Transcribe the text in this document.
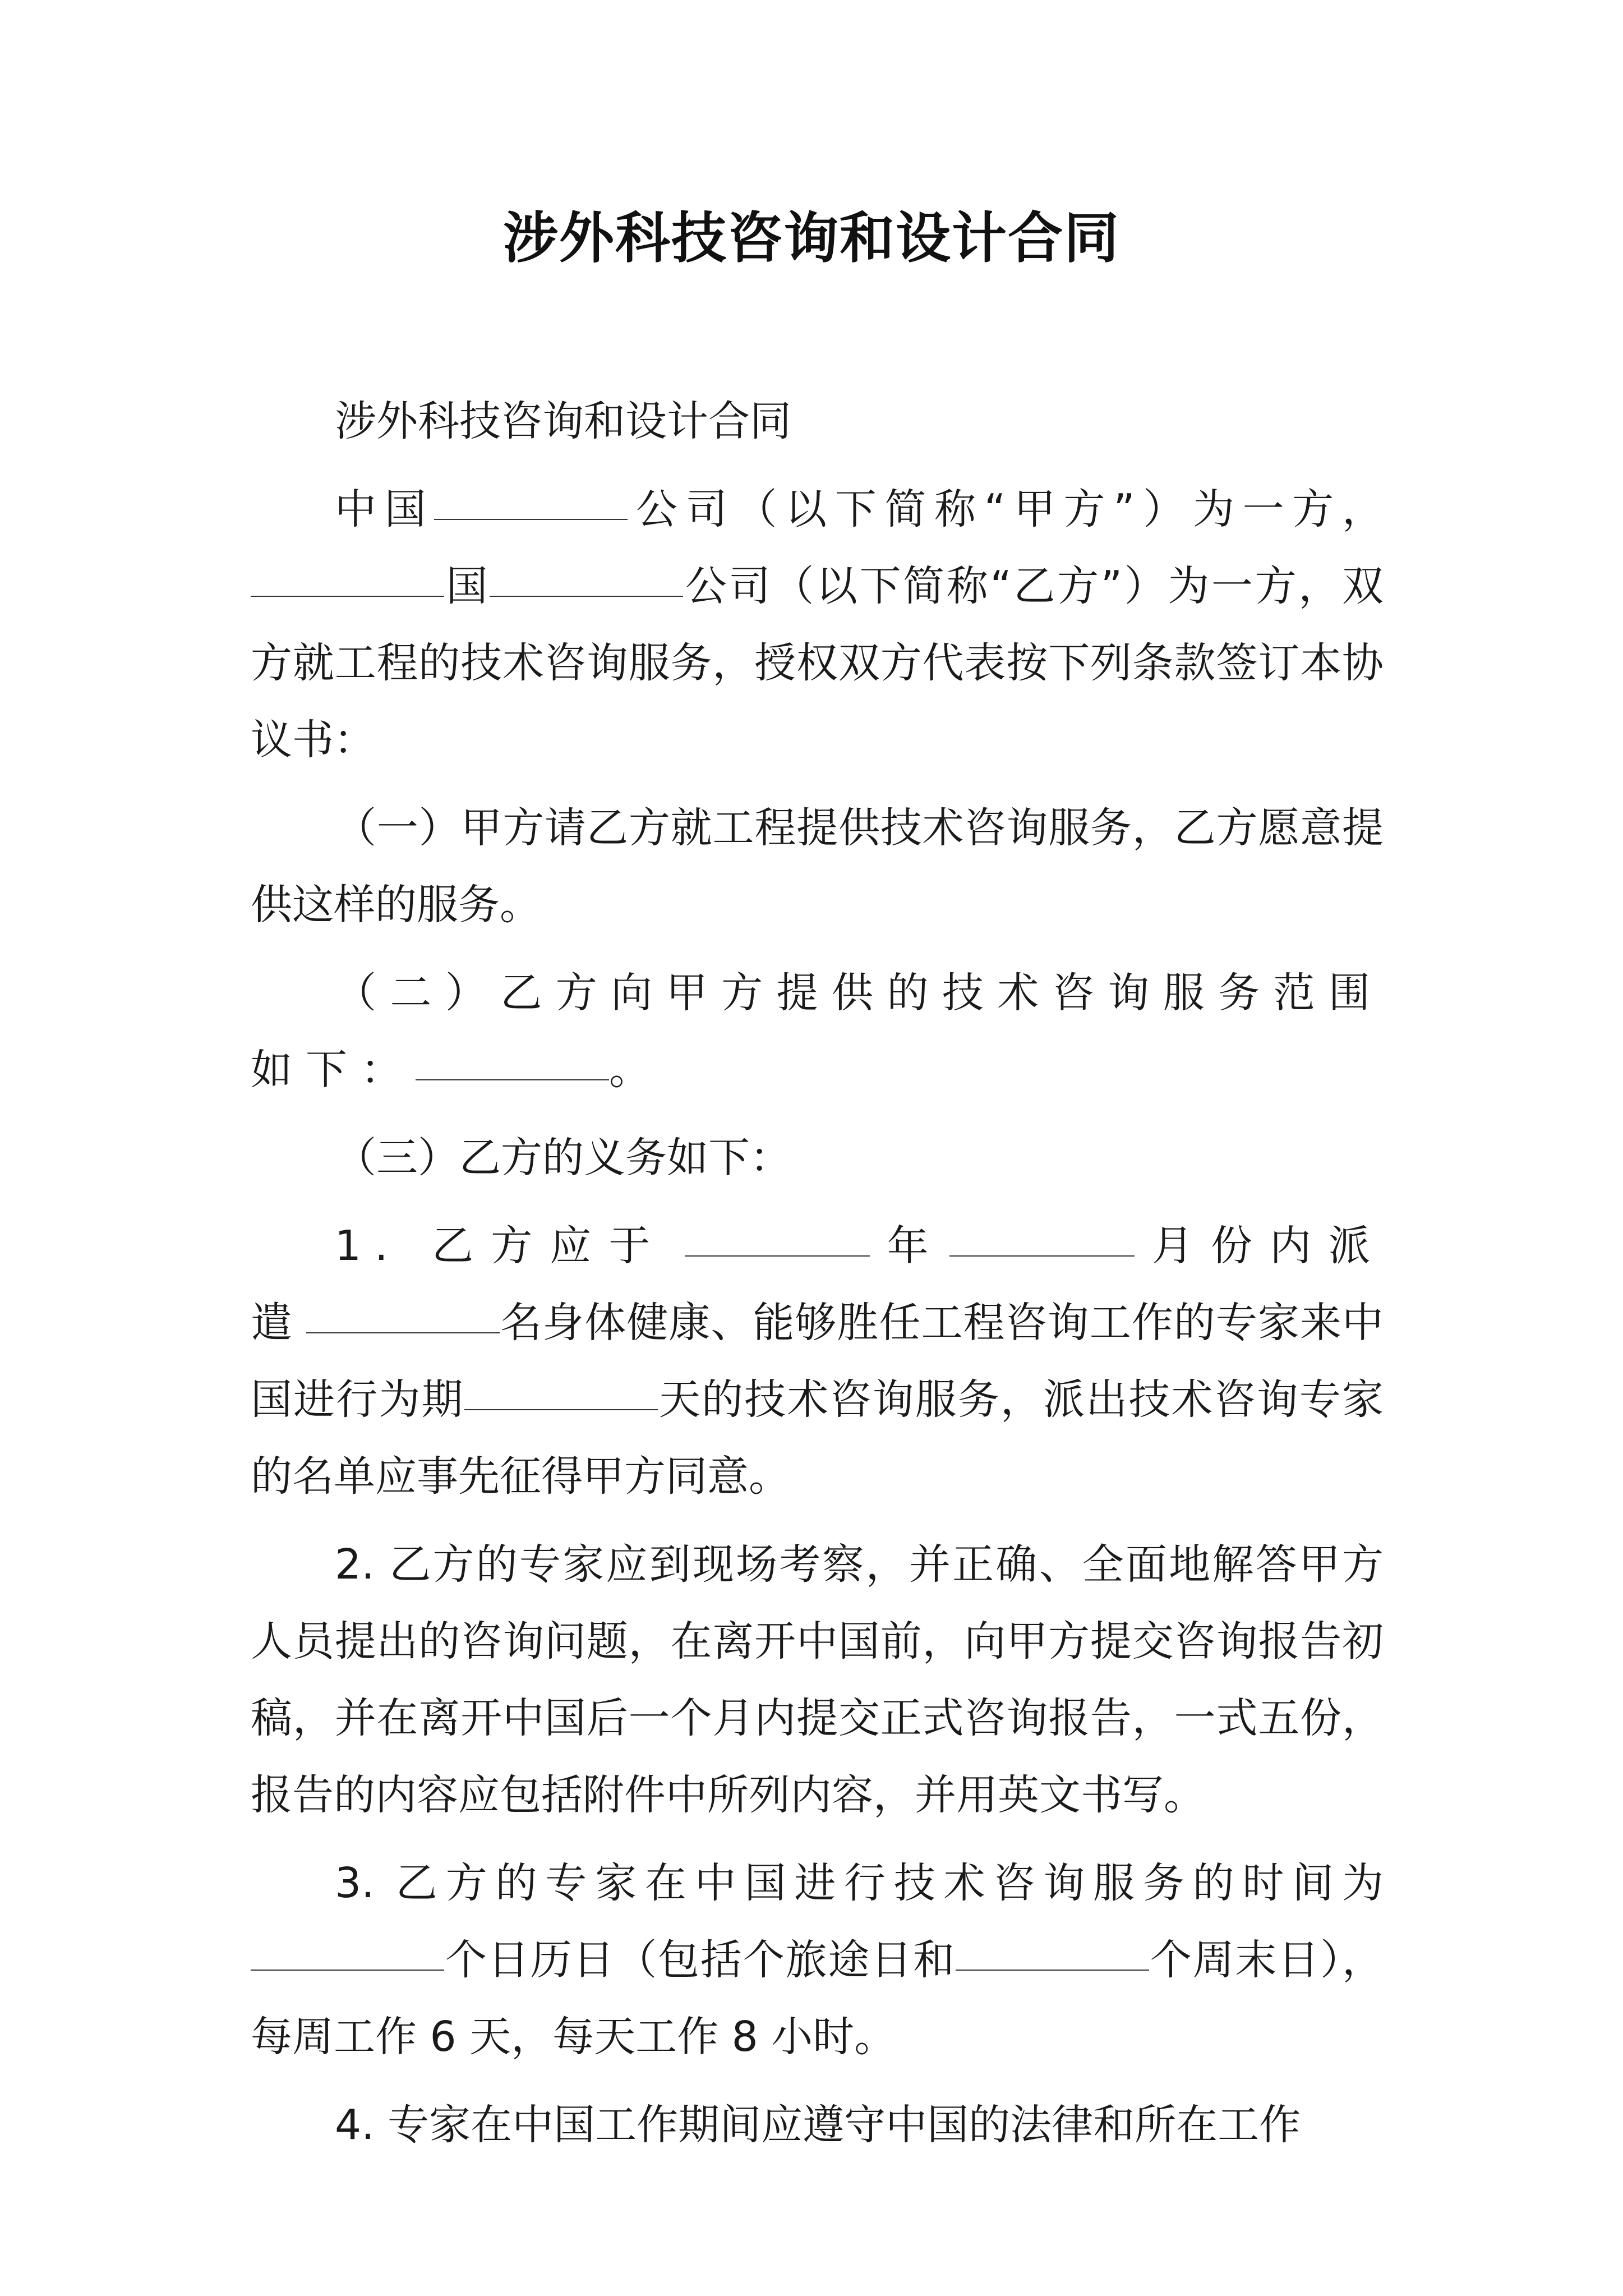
涉外科技咨询和设计合同

涉外科技咨询和设计合同

中国	公司（以下简称“甲方”）为一方，国	公司（以下简称“乙方”）为一方，双方就工程的技术咨询服务，授权双方代表按下列条款签订本协议书：

（一）甲方请乙方就工程提供技术咨询服务，乙方愿意提供这样的服务。

（二）乙方向甲方提供的技术咨询服务范围如下：	。

（三）乙方的义务如下：

1. 乙方应于	年	月份内派遣	名身体健康、能够胜任工程咨询工作的专家来中国进行为期	天的技术咨询服务，派出技术咨询专家的名单应事先征得甲方同意。

2. 乙方的专家应到现场考察，并正确、全面地解答甲方人员提出的咨询问题，在离开中国前，向甲方提交咨询报告初稿，并在离开中国后一个月内提交正式咨询报告，一式五份，报告的内容应包括附件中所列内容，并用英文书写。

3. 乙方的专家在中国进行技术咨询服务的时间为个日历日（包括个旅途日和	个周末日），每周工作 6 天，每天工作 8 小时。

4. 专家在中国工作期间应遵守中国的法律和所在工作
